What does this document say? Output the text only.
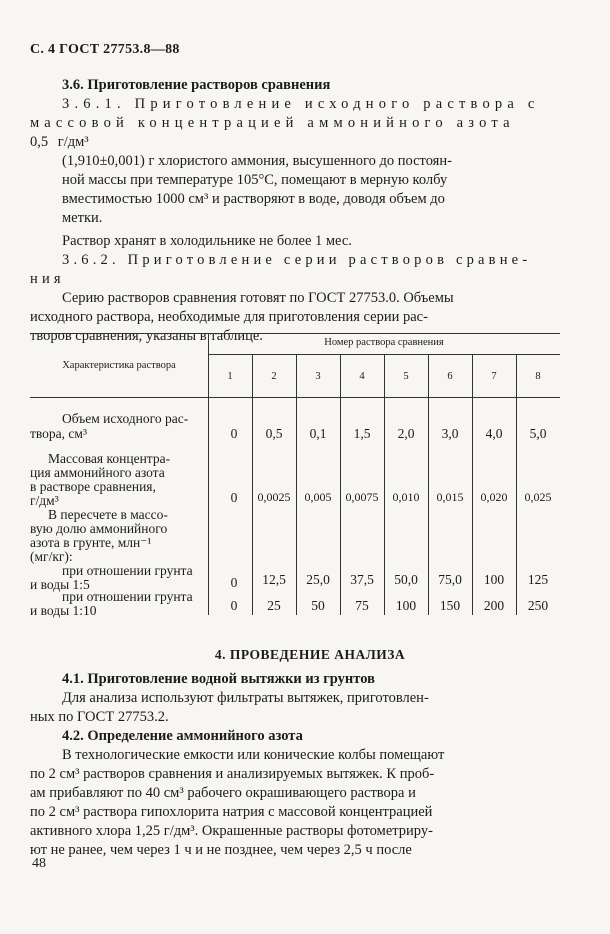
С. 4 ГОСТ 27753.8—88
3.6. Приготовление растворов сравнения
3.6.1. Приготовление исходного раствора с
массовой концентрацией аммонийного азота
0,5 г/дм³
(1,910±0,001) г хлористого аммония, высушенного до постоян-
ной массы при температуре 105°С, помещают в мерную колбу
вместимостью 1000 см³ и растворяют в воде, доводя объем до
метки.
Раствор хранят в холодильнике не более 1 мес.
3.6.2. Приготовление серии растворов сравне-
ния
Серию растворов сравнения готовят по ГОСТ 27753.0. Объемы
исходного раствора, необходимые для приготовления серии рас-
творов сравнения, указаны в таблице.
Характеристика раствора
Номер раствора сравнения
1	2	3	4	5	6	7	8
Объем исходного рас-
твора, см³	0	0,5	0,1	1,5	2,0	3,0	4,0	5,0
Массовая концентра-
ция аммонийного азота
в растворе сравнения,
г/дм³	0	0,0025	0,005	0,0075	0,010	0,015	0,020	0,025
В пересчете в массо-
вую долю аммонийного
азота в грунте, млн⁻¹
(мг/кг):
при отношении грунта
и воды 1:5	0	12,5	25,0	37,5	50,0	75,0	100	125
при отношении грунта
и воды 1:10	0	25	50	75	100	150	200	250
4. ПРОВЕДЕНИЕ АНАЛИЗА
4.1. Приготовление водной вытяжки из грунтов
Для анализа используют фильтраты вытяжек, приготовлен-
ных по ГОСТ 27753.2.
4.2. Определение аммонийного азота
В технологические емкости или конические колбы помещают
по 2 см³ растворов сравнения и анализируемых вытяжек. К проб-
ам прибавляют по 40 см³ рабочего окрашивающего раствора и
по 2 см³ раствора гипохлорита натрия с массовой концентрацией
активного хлора 1,25 г/дм³. Окрашенные растворы фотометриру-
ют не ранее, чем через 1 ч и не позднее, чем через 2,5 ч после
48
